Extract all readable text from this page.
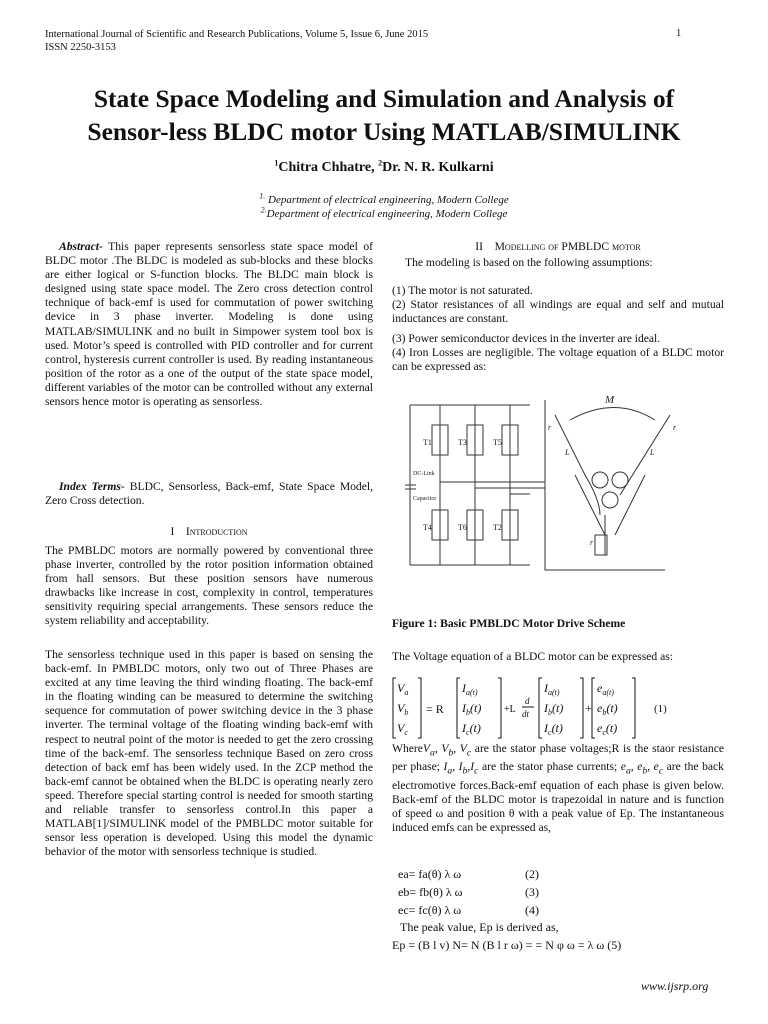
International Journal of Scientific and Research Publications, Volume 5, Issue 6, June 2015
ISSN 2250-3153
1
State Space Modeling and Simulation and Analysis of
Sensor-less BLDC motor Using MATLAB/SIMULINK
$^1$Chitra Chhatre, $^2$Dr. N. R. Kulkarni
$^{1.}$ Department of electrical engineering, Modern College
$^{2.}$Department of electrical engineering, Modern College
Abstract- This paper represents sensorless state space model of BLDC motor .The BLDC is modeled as sub-blocks and these blocks are either logical or S-function blocks. The BLDC main block is designed using state space model. The Zero cross detection control technique of back-emf is used for commutation of power switching device in 3 phase inverter. Modeling is done using MATLAB/SIMULINK and no built in Simpower system tool box is used. Motor’s speed is controlled with PID controller and for current control, hysteresis current controller is used. By reading instantaneous position of the rotor as a one of the output of the state space model, different variables of the motor can be controlled without any external sensors hence motor is operating as sensorless.
Index Terms- BLDC, Sensorless, Back-emf, State Space Model, Zero Cross detection.
I Introduction
The PMBLDC motors are normally powered by conventional three phase inverter, controlled by the rotor position information obtained from hall sensors. But these position sensors have numerous drawbacks like increase in cost, complexity in control, temperatures sensitivity requiring special arrangements. These sensors reduce the system reliability and acceptability.
The sensorless technique used in this paper is based on sensing the back-emf. In PMBLDC motors, only two out of Three Phases are excited at any time leaving the third winding floating. The back-emf in the floating winding can be measured to determine the switching sequence for commutation of power switching device in the 3 phase inverter. The terminal voltage of the floating winding back-emf with respect to neutral point of the motor is needed to get the zero crossing time of the back-emf. The sensorless technique Based on zero cross detection of back emf has been widely used. In the ZCP method the back-emf cannot be obtained when the BLDC is operating nearly zero speed. Therefore special starting control is needed for smooth starting and reliable transfer to sensorless control.In this paper a MATLAB[1]/SIMULINK model of the PMBLDC motor suitable for sensor less operation is developed. Using this model the dynamic behavior of the motor with sensorless technique is studied.
II Modelling of PMBLDC motor
The modeling is based on the following assumptions:
(1) The motor is not saturated.
(2) Stator resistances of all windings are equal and self and mutual inductances are constant.
(3) Power semiconductor devices in the inverter are ideal.
(4) Iron Losses are negligible. The voltage equation of a BLDC motor can be expressed as:
T1	T3	T5
T4	T6	T2
DC-Link
Capacitor
M
r	r
r
L	L
Figure 1: Basic PMBLDC Motor Drive Scheme
The Voltage equation of a BLDC motor can be expressed as:
$V_a$
$V_b$
$V_c$
= R
$I_{a(t)}$
$I_b(t)$
$I_c(t)$
+L
d
dt
$I_{a(t)}$
$I_b(t)$
$I_c(t)$
+
$e_{a(t)}$
$e_b(t)$
$e_c(t)$
(1)
WhereV$_a$, $V_b$, $V_c$ are the stator phase voltages;R is the staor resistance per phase; $I_a$, $I_b,I_c$ are the stator phase currents; $e_a$, $e_b$, $e_c$ are the back electromotive forces.Back-emf equation of each phase is given below. Back-emf of the BLDC motor is trapezoidal in nature and is function of speed ω and position θ with a peak value of Ep. The instantaneous induced emfs can be expressed as,
ea= fa(θ) λ ω	(2)
eb= fb(θ) λ ω	(3)
ec= fc(θ) λ ω	(4)
The peak value, Ep is derived as,
Ep = (B l v) N= N (B l r ω) = = N φ ω = λ ω (5)
www.ijsrp.org
